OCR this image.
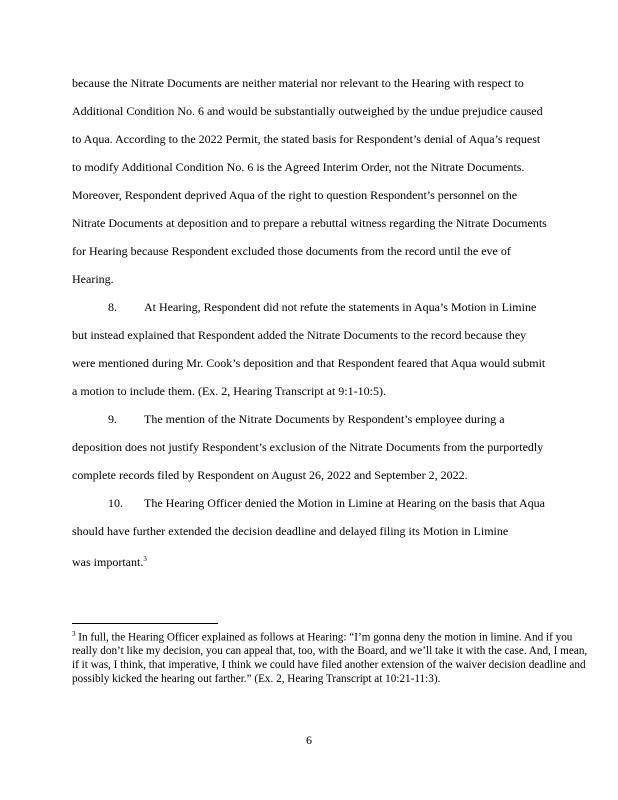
because the Nitrate Documents are neither material nor relevant to the Hearing with respect to
Additional Condition No. 6 and would be substantially outweighed by the undue prejudice caused
to Aqua. According to the 2022 Permit, the stated basis for Respondent’s denial of Aqua’s request
to modify Additional Condition No. 6 is the Agreed Interim Order, not the Nitrate Documents.
Moreover, Respondent deprived Aqua of the right to question Respondent’s personnel on the
Nitrate Documents at deposition and to prepare a rebuttal witness regarding the Nitrate Documents
for Hearing because Respondent excluded those documents from the record until the eve of
Hearing.
8. At Hearing, Respondent did not refute the statements in Aqua’s Motion in Limine
but instead explained that Respondent added the Nitrate Documents to the record because they
were mentioned during Mr. Cook’s deposition and that Respondent feared that Aqua would submit
a motion to include them. (Ex. 2, Hearing Transcript at 9:1-10:5).
9. The mention of the Nitrate Documents by Respondent’s employee during a
deposition does not justify Respondent’s exclusion of the Nitrate Documents from the purportedly
complete records filed by Respondent on August 26, 2022 and September 2, 2022.
10. The Hearing Officer denied the Motion in Limine at Hearing on the basis that Aqua
should have further extended the decision deadline and delayed filing its Motion in Limine
was important.$^3$
$^3$ In full, the Hearing Officer explained as follows at Hearing: “I’m gonna deny the motion in limine. And if you really don’t like my decision, you can appeal that, too, with the Board, and we’ll take it with the case. And, I mean, if it was, I think, that imperative, I think we could have filed another extension of the waiver decision deadline and possibly kicked the hearing out farther.” (Ex. 2, Hearing Transcript at 10:21-11:3).
6
